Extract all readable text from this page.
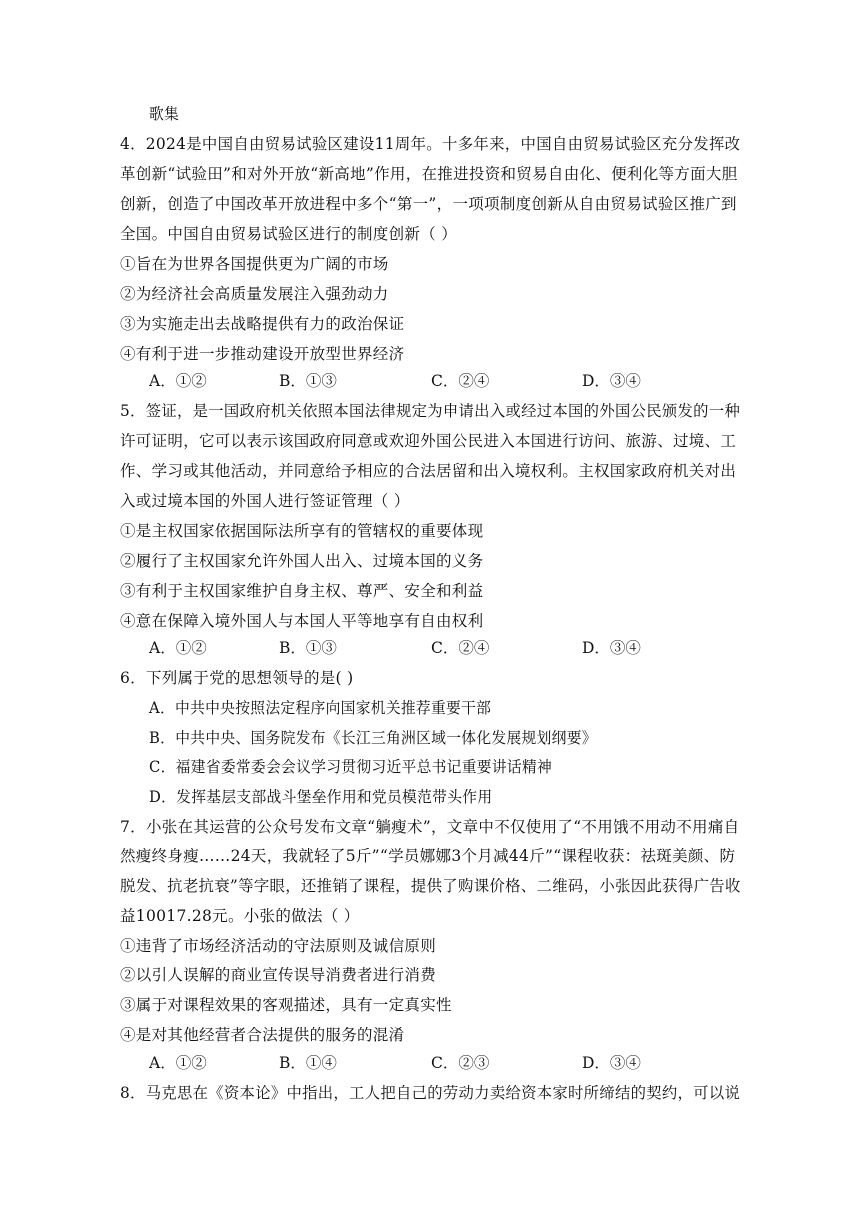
歌集
4．2024是中国自由贸易试验区建设11周年。十多年来，中国自由贸易试验区充分发挥改
革创新“试验田”和对外开放“新高地”作用，在推进投资和贸易自由化、便利化等方面大胆
创新，创造了中国改革开放进程中多个“第一”，一项项制度创新从自由贸易试验区推广到
全国。中国自由贸易试验区进行的制度创新（ ）
①旨在为世界各国提供更为广阔的市场
②为经济社会高质量发展注入强劲动力
③为实施走出去战略提供有力的政治保证
④有利于进一步推动建设开放型世界经济
A．①②	B．①③	C．②④	D．③④
5．签证，是一国政府机关依照本国法律规定为申请出入或经过本国的外国公民颁发的一种
许可证明，它可以表示该国政府同意或欢迎外国公民进入本国进行访问、旅游、过境、工
作、学习或其他活动，并同意给予相应的合法居留和出入境权利。主权国家政府机关对出
入或过境本国的外国人进行签证管理（ ）
①是主权国家依据国际法所享有的管辖权的重要体现
②履行了主权国家允许外国人出入、过境本国的义务
③有利于主权国家维护自身主权、尊严、安全和利益
④意在保障入境外国人与本国人平等地享有自由权利
A．①②	B．①③	C．②④	D．③④
6．下列属于党的思想领导的是( )
A．中共中央按照法定程序向国家机关推荐重要干部
B．中共中央、国务院发布《长江三角洲区域一体化发展规划纲要》
C．福建省委常委会会议学习贯彻习近平总书记重要讲话精神
D．发挥基层支部战斗堡垒作用和党员模范带头作用
7．小张在其运营的公众号发布文章“躺瘦术”，文章中不仅使用了“不用饿不用动不用痛自
然瘦终身瘦……24天，我就轻了5斤”“学员娜娜3个月减44斤”“课程收获：祛斑美颜、防
脱发、抗老抗衰”等字眼，还推销了课程，提供了购课价格、二维码，小张因此获得广告收
益10017.28元。小张的做法（ ）
①违背了市场经济活动的守法原则及诚信原则
②以引人误解的商业宣传误导消费者进行消费
③属于对课程效果的客观描述，具有一定真实性
④是对其他经营者合法提供的服务的混淆
A．①②	B．①④	C．②③	D．③④
8．马克思在《资本论》中指出，工人把自己的劳动力卖给资本家时所缔结的契约，可以说
